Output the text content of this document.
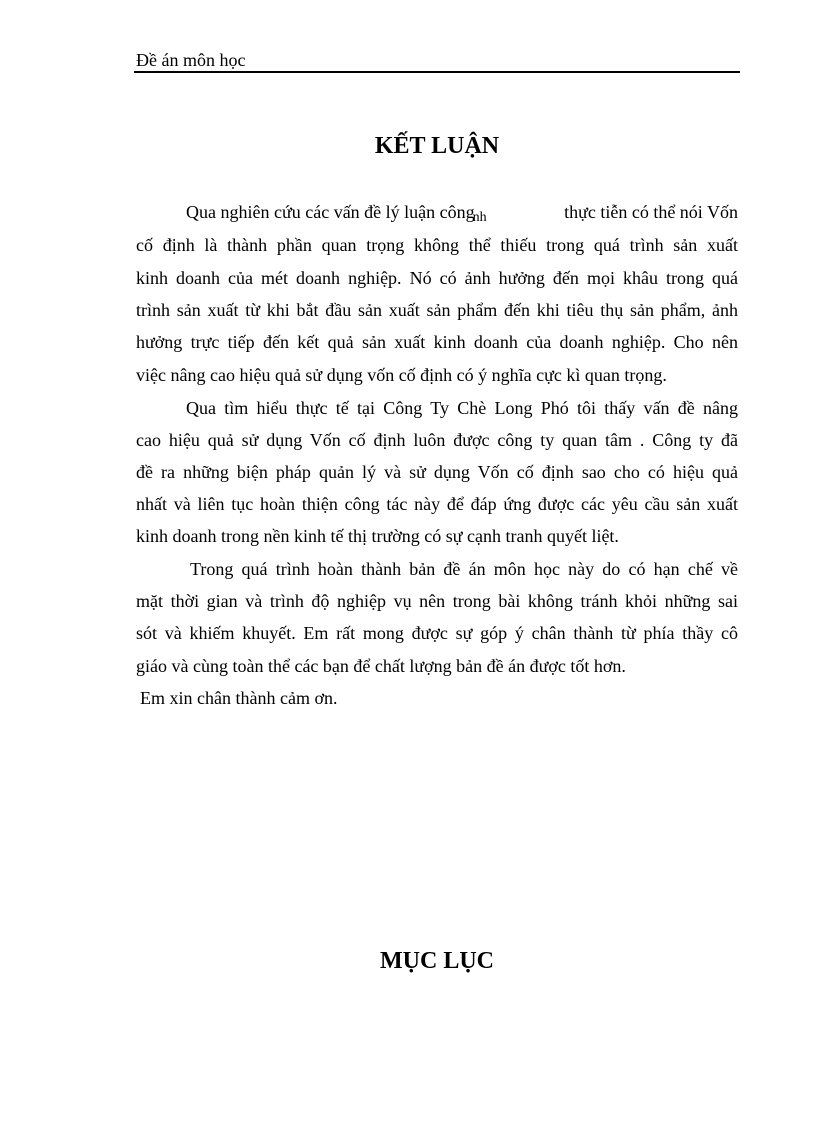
Đề án môn học
KẾT LUẬN
Qua nghiên cứu các vấn đề lý luận côngnh	thực tiễn có thể nói Vốn
cố định là thành phần quan trọng không thể thiếu trong quá trình sản xuất
kinh doanh của mét doanh nghiệp. Nó có ảnh hưởng đến mọi khâu trong quá
trình sản xuất từ khi bắt đầu sản xuất sản phẩm đến khi tiêu thụ sản phẩm, ảnh
hưởng trực tiếp đến kết quả sản xuất kinh doanh của doanh nghiệp. Cho nên
việc nâng cao hiệu quả sử dụng vốn cố định có ý nghĩa cực kì quan trọng.
Qua tìm hiểu thực tế tại Công Ty Chè Long Phó tôi thấy vấn đề nâng
cao hiệu quả sử dụng Vốn cố định luôn được công ty quan tâm . Công ty đã
đề ra những biện pháp quản lý và sử dụng Vốn cố định sao cho có hiệu quả
nhất và liên tục hoàn thiện công tác này để đáp ứng được các yêu cầu sản xuất
kinh doanh trong nền kinh tế thị trường có sự cạnh tranh quyết liệt.
Trong quá trình hoàn thành bản đề án môn học này do có hạn chế về
mặt thời gian và trình độ nghiệp vụ nên trong bài không tránh khỏi những sai
sót và khiếm khuyết. Em rất mong được sự góp ý chân thành từ phía thầy cô
giáo và cùng toàn thể các bạn để chất lượng bản đề án được tốt hơn.
Em xin chân thành cảm ơn.
MỤC LỤC
